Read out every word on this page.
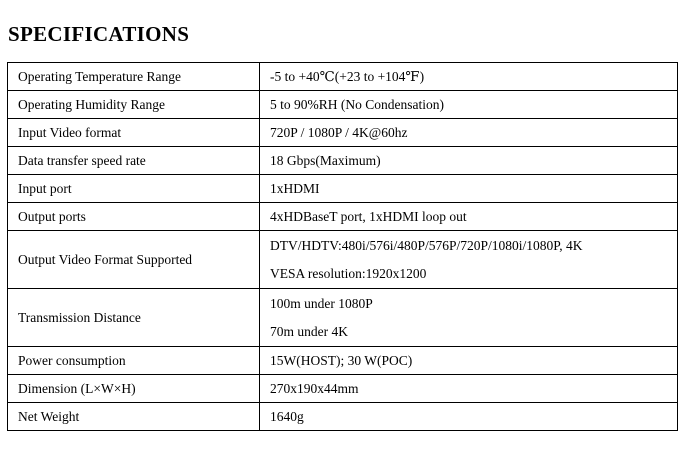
SPECIFICATIONS
Operating Temperature Range	-5 to +40℃(+23 to +104℉)
Operating Humidity Range	5 to 90%RH (No Condensation)
Input Video format	720P / 1080P / 4K@60hz
Data transfer speed rate	18 Gbps(Maximum)
Input port	1xHDMI
Output ports	4xHDBaseT port, 1xHDMI loop out
Output Video Format Supported	DTV/HDTV:480i/576i/480P/576P/720P/1080i/1080P, 4K
VESA resolution:1920x1200

Transmission Distance	100m under 1080P
70m under 4K

Power consumption	15W(HOST); 30 W(POC)
Dimension (L×W×H)	270x190x44mm
Net Weight	1640g
